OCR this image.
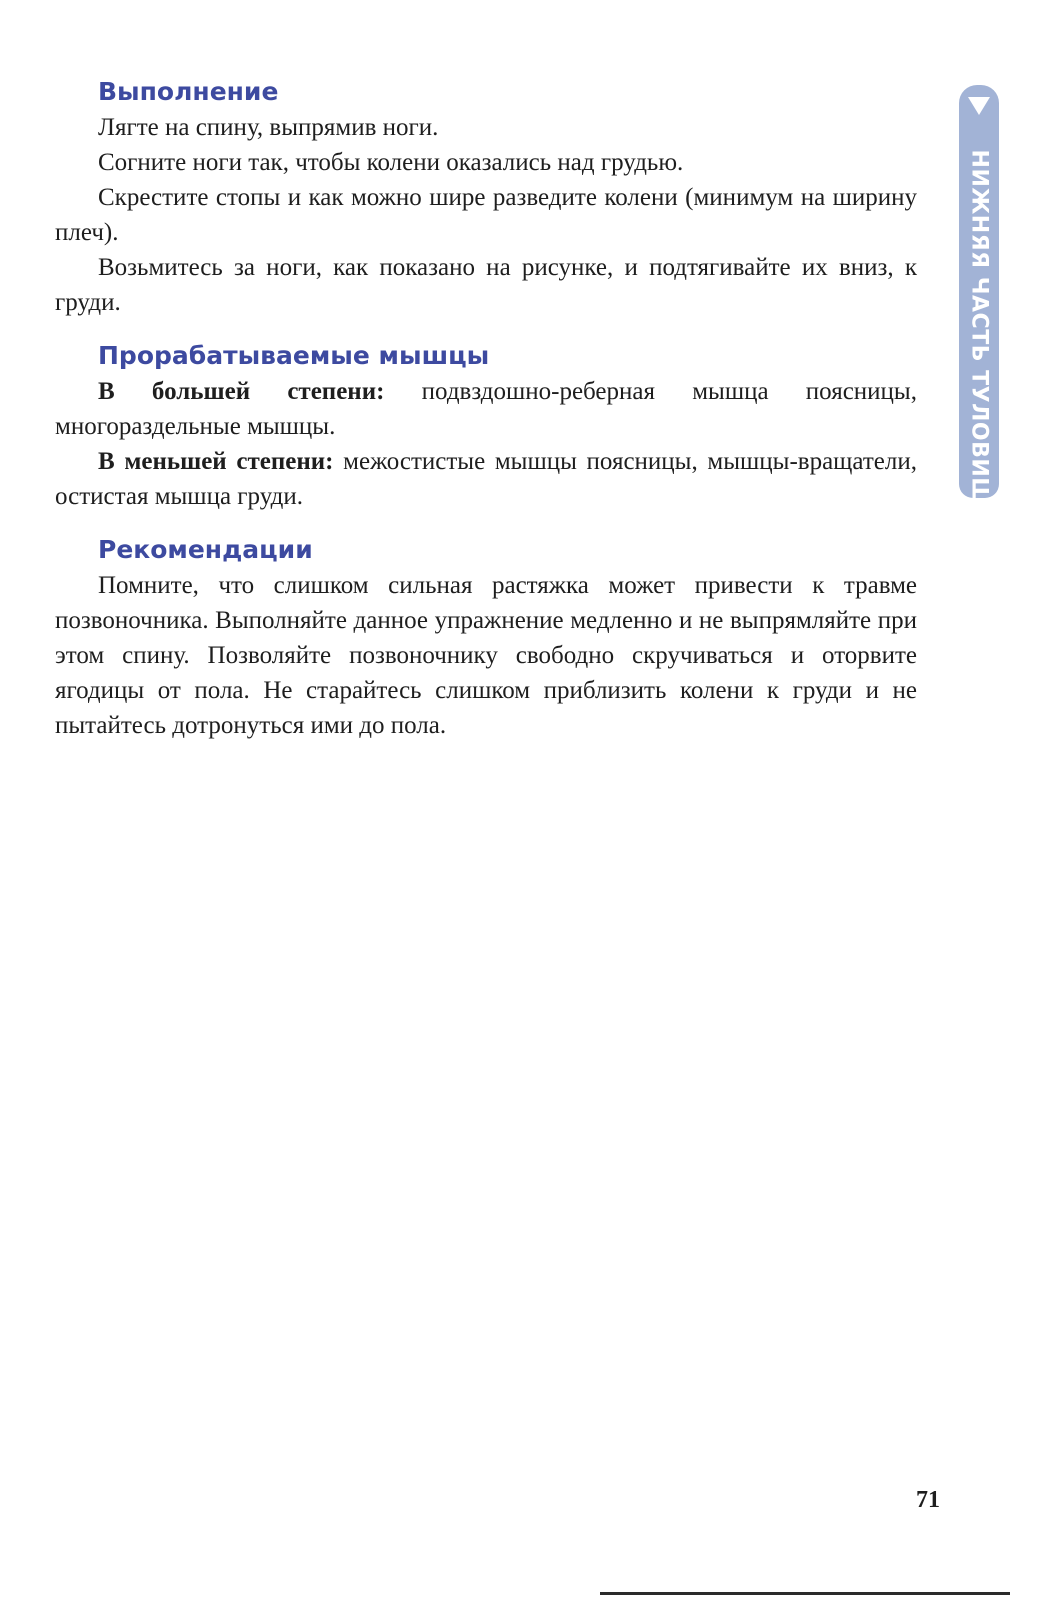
Выполнение

Лягте на спину, выпрямив ноги.

Согните ноги так, чтобы колени оказались над грудью.

Скрестите стопы и как можно шире разведите колени (минимум на ширину плеч).

Возьмитесь за ноги, как показано на рисунке, и подтягивайте их вниз, к груди.

Прорабатываемые мышцы

В большей степени: подвздошно-реберная мышца поясницы, многораздельные мышцы.

В меньшей степени: межостистые мышцы поясницы, мышцы-вращатели, остистая мышца груди.

Рекомендации

Помните, что слишком сильная растяжка может привести к травме позвоночника. Выполняйте данное упражнение медленно и не выпрямляйте при этом спину. Позволяйте позвоночнику свободно скручиваться и оторвите ягодицы от пола. Не старайтесь слишком приблизить колени к груди и не пытайтесь дотронуться ими до пола.

НИЖНЯЯ ЧАСТЬ ТУЛОВИЩА
71
